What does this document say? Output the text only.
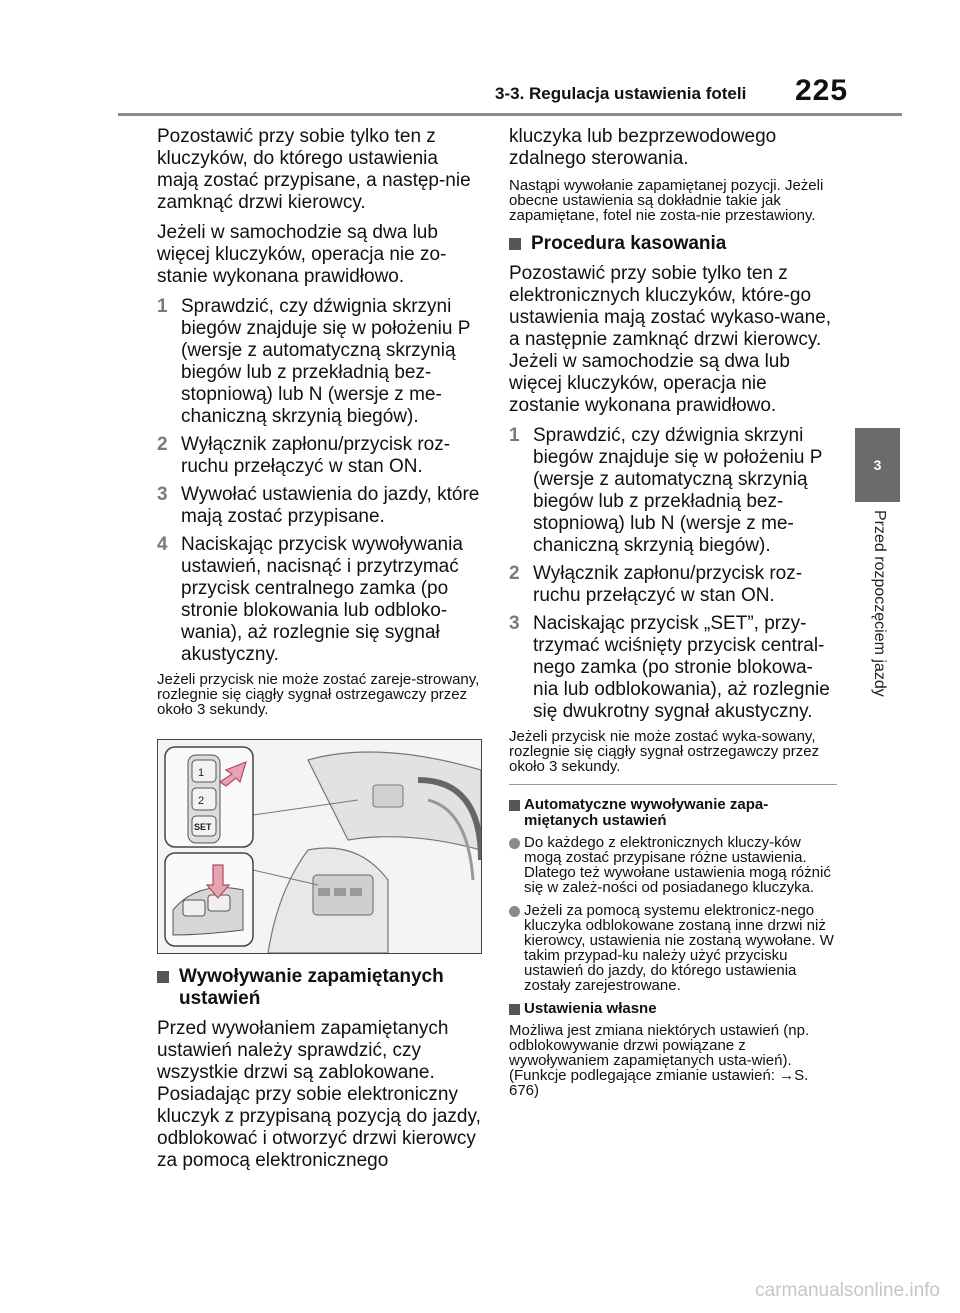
3-3. Regulacja ustawienia foteli 225
3
Przed rozpoczęciem jazdy

Pozostawić przy sobie tylko ten z kluczyków, do którego ustawienia mają zostać przypisane, a następ-nie zamknąć drzwi kierowcy.

Jeżeli w samochodzie są dwa lub więcej kluczyków, operacja nie zo-stanie wykonana prawidłowo.

1 Sprawdzić, czy dźwignia skrzyni biegów znajduje się w położeniu P (wersje z automatyczną skrzynią biegów lub z przekładnią bez-stopniową) lub N (wersje z me-chaniczną skrzynią biegów).
2 Wyłącznik zapłonu/przycisk roz-ruchu przełączyć w stan ON.
3 Wywołać ustawienia do jazdy, które mają zostać przypisane.
4 Naciskając przycisk wywoływania ustawień, nacisnąć i przytrzymać przycisk centralnego zamka (po stronie blokowania lub odbloko-wania), aż rozlegnie się sygnał akustyczny.

Jeżeli przycisk nie może zostać zareje-strowany, rozlegnie się ciągły sygnał ostrzegawczy przez około 3 sekundy.

1
2
SET
Wywoływanie zapamiętanych ustawień

Przed wywołaniem zapamiętanych ustawień należy sprawdzić, czy wszystkie drzwi są zablokowane. Posiadając przy sobie elektroniczny kluczyk z przypisaną pozycją do jazdy, odblokować i otworzyć drzwi kierowcy za pomocą elektronicznego

kluczyka lub bezprzewodowego zdalnego sterowania.

Nastąpi wywołanie zapamiętanej pozycji. Jeżeli obecne ustawienia są dokładnie takie jak zapamiętane, fotel nie zosta-nie przestawiony.

Procedura kasowania

Pozostawić przy sobie tylko ten z elektronicznych kluczyków, które-go ustawienia mają zostać wykaso-wane, a następnie zamknąć drzwi kierowcy. Jeżeli w samochodzie są dwa lub więcej kluczyków, operacja nie zostanie wykonana prawidłowo.

1 Sprawdzić, czy dźwignia skrzyni biegów znajduje się w położeniu P (wersje z automatyczną skrzynią biegów lub z przekładnią bez-stopniową) lub N (wersje z me-chaniczną skrzynią biegów).
2 Wyłącznik zapłonu/przycisk roz-ruchu przełączyć w stan ON.
3 Naciskając przycisk „SET”, przy-trzymać wciśnięty przycisk central-nego zamka (po stronie blokowa-nia lub odblokowania), aż rozlegnie się dwukrotny sygnał akustyczny.

Jeżeli przycisk nie może zostać wyka-sowany, rozlegnie się ciągły sygnał ostrzegawczy przez około 3 sekundy.

Automatyczne wywoływanie zapa-miętanych ustawień
Do każdego z elektronicznych kluczy-ków mogą zostać przypisane różne ustawienia. Dlatego też wywołane ustawienia mogą różnić się w zależ-ności od posiadanego kluczyka.
Jeżeli za pomocą systemu elektronicz-nego kluczyka odblokowane zostaną inne drzwi niż kierowcy, ustawienia nie zostaną wywołane. W takim przypad-ku należy użyć przycisku ustawień do jazdy, do którego ustawienia zostały zarejestrowane.
Ustawienia własne

Możliwa jest zmiana niektórych ustawień (np. odblokowywanie drzwi powiązane z wywoływaniem zapamiętanych usta-wień). (Funkcje podlegające zmianie ustawień: →S. 676)

carmanualsonline.info
